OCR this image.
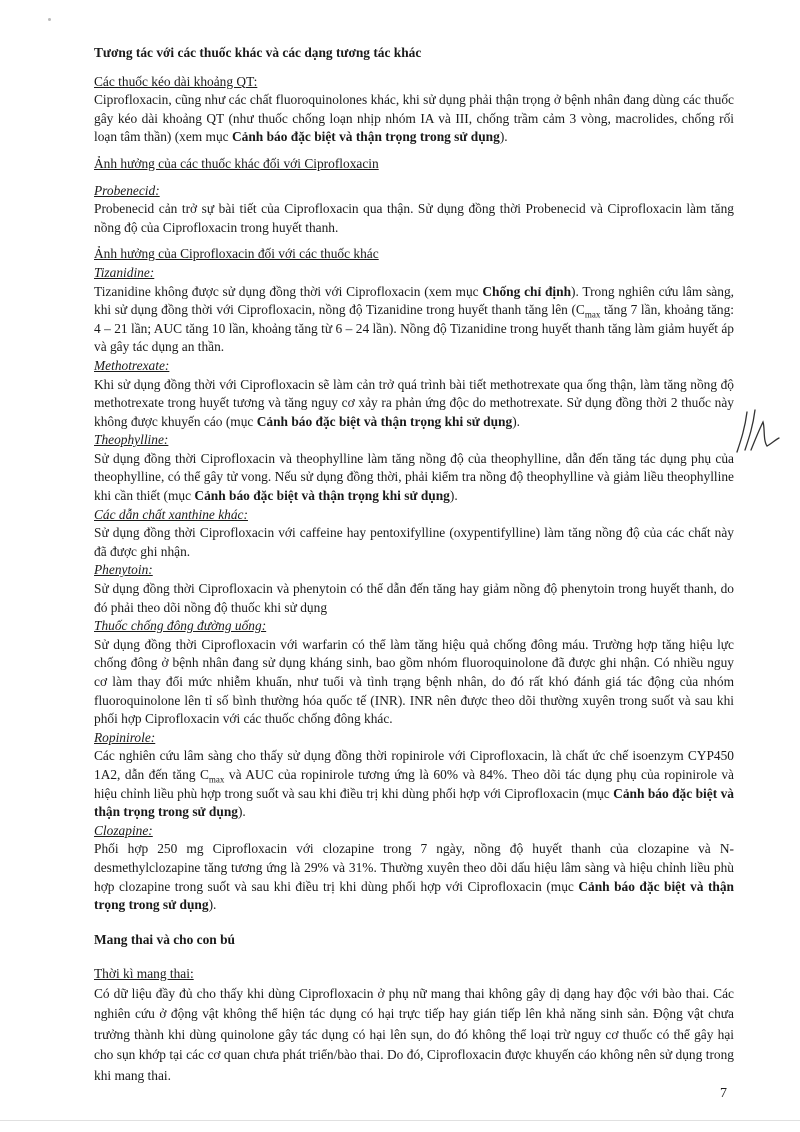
Tương tác với các thuốc khác và các dạng tương tác khác

Các thuốc kéo dài khoảng QT:

Ciprofloxacin, cũng như các chất fluoroquinolones khác, khi sử dụng phải thận trọng ở bệnh nhân đang dùng các thuốc gây kéo dài khoảng QT (như thuốc chống loạn nhịp nhóm IA và III, chống trầm cảm 3 vòng, macrolides, chống rối loạn tâm thần) (xem mục Cảnh báo đặc biệt và thận trọng trong sử dụng).

Ảnh hưởng của các thuốc khác đối với Ciprofloxacin

Probenecid:

Probenecid cản trở sự bài tiết của Ciprofloxacin qua thận. Sử dụng đồng thời Probenecid và Ciprofloxacin làm tăng nồng độ của Ciprofloxacin trong huyết thanh.

Ảnh hưởng của Ciprofloxacin đối với các thuốc khác

Tizanidine:

Tizanidine không được sử dụng đồng thời với Ciprofloxacin (xem mục Chống chỉ định). Trong nghiên cứu lâm sàng, khi sử dụng đồng thời với Ciprofloxacin, nồng độ Tizanidine trong huyết thanh tăng lên ($C_{max}$ tăng 7 lần, khoảng tăng: 4 – 21 lần; AUC tăng 10 lần, khoảng tăng từ 6 – 24 lần). Nồng độ Tizanidine trong huyết thanh tăng làm giảm huyết áp và gây tác dụng an thần.

Methotrexate:

Khi sử dụng đồng thời với Ciprofloxacin sẽ làm cản trở quá trình bài tiết methotrexate qua ống thận, làm tăng nồng độ methotrexate trong huyết tương và tăng nguy cơ xảy ra phản ứng độc do methotrexate. Sử dụng đồng thời 2 thuốc này không được khuyến cáo (mục Cảnh báo đặc biệt và thận trọng khi sử dụng).

Theophylline:

Sử dụng đồng thời Ciprofloxacin và theophylline làm tăng nồng độ của theophylline, dẫn đến tăng tác dụng phụ của theophylline, có thể gây tử vong. Nếu sử dụng đồng thời, phải kiểm tra nồng độ theophylline và giảm liều theophylline khi cần thiết (mục Cảnh báo đặc biệt và thận trọng khi sử dụng).

Các dẫn chất xanthine khác:

Sử dụng đồng thời Ciprofloxacin với caffeine hay pentoxifylline (oxypentifylline) làm tăng nồng độ của các chất này đã được ghi nhận.

Phenytoin:

Sử dụng đồng thời Ciprofloxacin và phenytoin có thể dẫn đến tăng hay giảm nồng độ phenytoin trong huyết thanh, do đó phải theo dõi nồng độ thuốc khi sử dụng

Thuốc chống đông đường uống:

Sử dụng đồng thời Ciprofloxacin với warfarin có thể làm tăng hiệu quả chống đông máu. Trường hợp tăng hiệu lực chống đông ở bệnh nhân đang sử dụng kháng sinh, bao gồm nhóm fluoroquinolone đã được ghi nhận. Có nhiều nguy cơ làm thay đổi mức nhiễm khuẩn, như tuổi và tình trạng bệnh nhân, do đó rất khó đánh giá tác động của nhóm fluoroquinolone lên tỉ số bình thường hóa quốc tế (INR). INR nên được theo dõi thường xuyên trong suốt và sau khi phối hợp Ciprofloxacin với các thuốc chống đông khác.

Ropinirole:

Các nghiên cứu lâm sàng cho thấy sử dụng đồng thời ropinirole với Ciprofloxacin, là chất ức chế isoenzym CYP450 1A2, dẫn đến tăng $C_{max}$ và AUC của ropinirole tương ứng là 60% và 84%. Theo dõi tác dụng phụ của ropinirole và hiệu chỉnh liều phù hợp trong suốt và sau khi điều trị khi dùng phối hợp với Ciprofloxacin (mục Cảnh báo đặc biệt và thận trọng trong sử dụng).

Clozapine:

Phối hợp 250 mg Ciprofloxacin với clozapine trong 7 ngày, nồng độ huyết thanh của clozapine và N-desmethylclozapine tăng tương ứng là 29% và 31%. Thường xuyên theo dõi dấu hiệu lâm sàng và hiệu chỉnh liều phù hợp clozapine trong suốt và sau khi điều trị khi dùng phối hợp với Ciprofloxacin (mục Cảnh báo đặc biệt và thận trọng trong sử dụng).

Mang thai và cho con bú

Thời kì mang thai:

Có dữ liệu đầy đủ cho thấy khi dùng Ciprofloxacin ở phụ nữ mang thai không gây dị dạng hay độc với bào thai. Các nghiên cứu ở động vật không thể hiện tác dụng có hại trực tiếp hay gián tiếp lên khả năng sinh sản. Động vật chưa trưởng thành khi dùng quinolone gây tác dụng có hại lên sụn, do đó không thể loại trừ nguy cơ thuốc có thể gây hại cho sụn khớp tại các cơ quan chưa phát triển/bào thai. Do đó, Ciprofloxacin được khuyến cáo không nên sử dụng trong khi mang thai.

7
